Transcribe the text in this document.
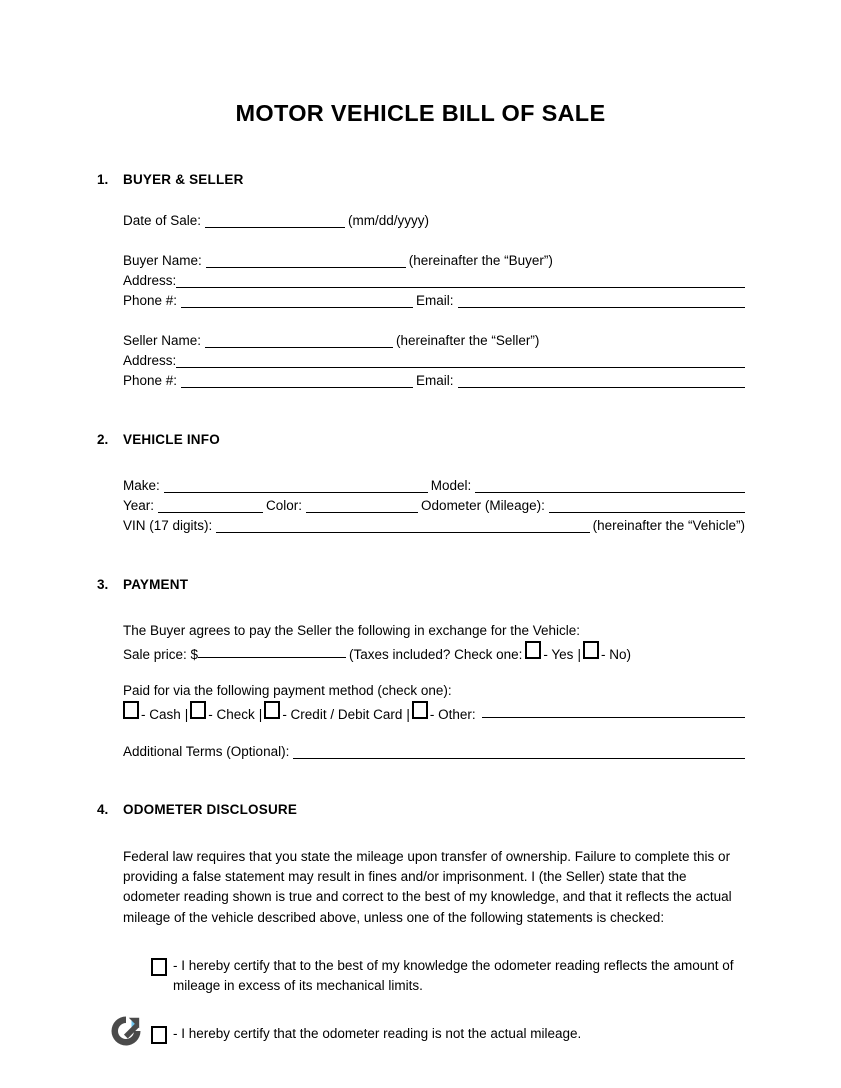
MOTOR VEHICLE BILL OF SALE
1.	BUYER & SELLER
Date of Sale:	(mm/dd/yyyy)
Buyer Name:	(hereinafter the “Buyer”)
Address:
Phone #:	Email:
Seller Name:	(hereinafter the “Seller”)
Address:
Phone #:	Email:
2.	VEHICLE INFO
Make:	Model:
Year:	Color:	Odometer (Mileage):
VIN (17 digits):	(hereinafter the “Vehicle”)
3.	PAYMENT
The Buyer agrees to pay the Seller the following in exchange for the Vehicle:
Sale price: $	(Taxes included? Check one: - Yes | - No)
Paid for via the following payment method (check one):
- Cash | - Check | - Credit / Debit Card | - Other:
Additional Terms (Optional):
4.	ODOMETER DISCLOSURE
Federal law requires that you state the mileage upon transfer of ownership. Failure to complete this or providing a false statement may result in fines and/or imprisonment. I (the Seller) state that the odometer reading shown is true and correct to the best of my knowledge, and that it reflects the actual mileage of the vehicle described above, unless one of the following statements is checked:
- I hereby certify that to the best of my knowledge the odometer reading reflects the amount of mileage in excess of its mechanical limits.
- I hereby certify that the odometer reading is not the actual mileage.
